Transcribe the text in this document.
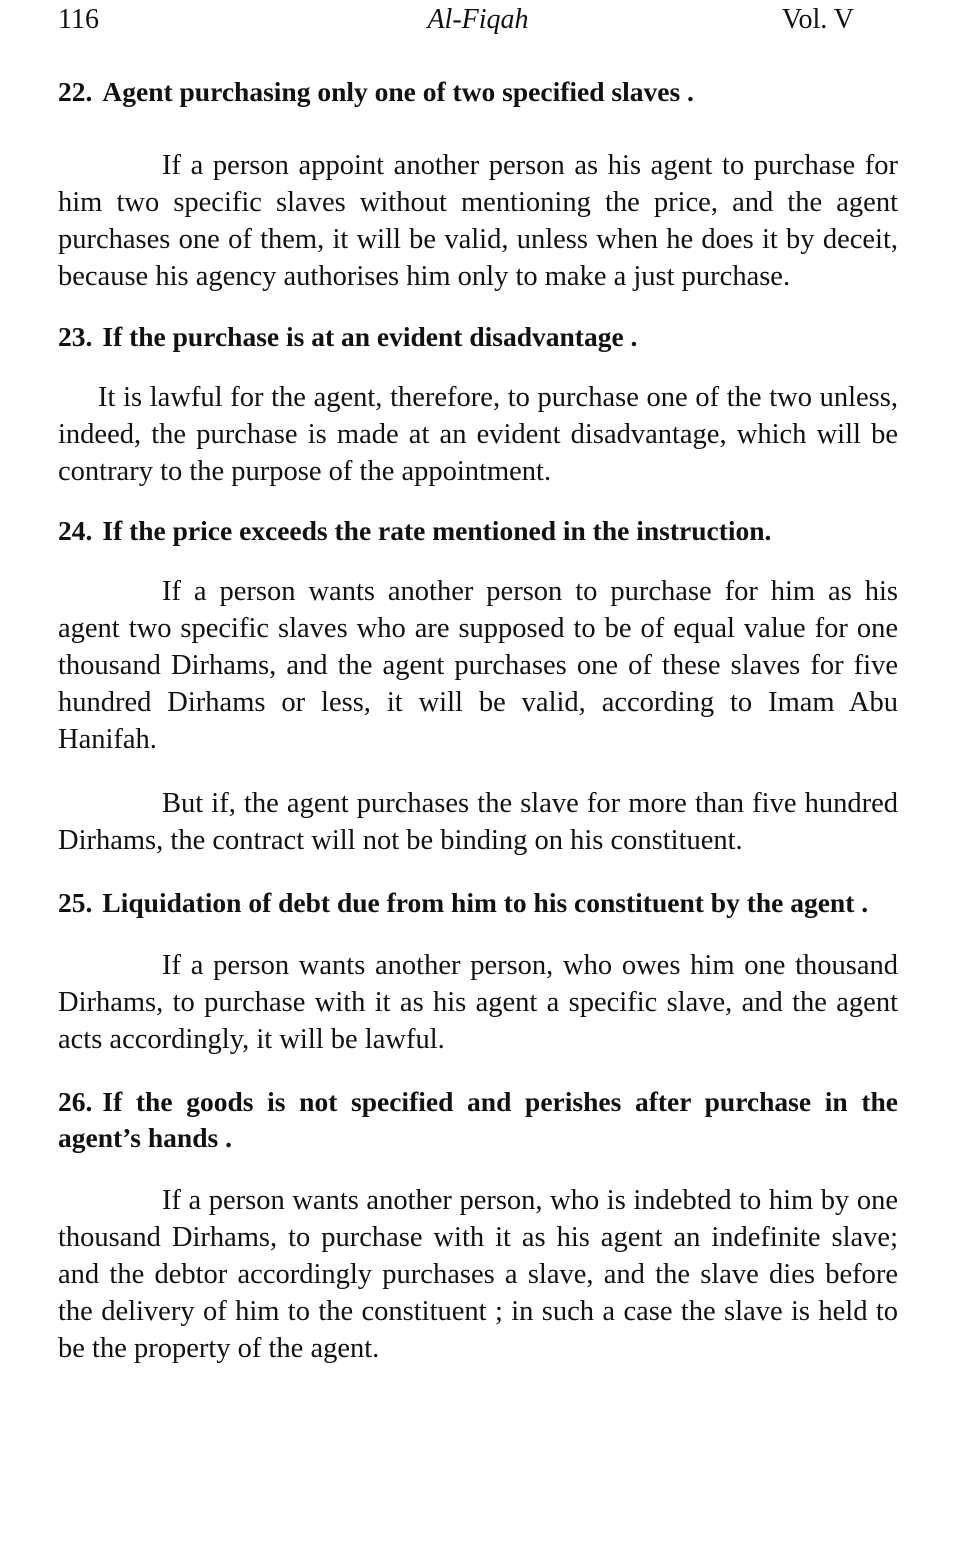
116	Al-Fiqah	Vol. V
22. Agent purchasing only one of two specified slaves .

If a person appoint another person as his agent to purchase for him two specific slaves without mentioning the price, and the agent purchases one of them, it will be valid, unless when he does it by deceit, because his agency authorises him only to make a just purchase.

23. If the purchase is at an evident disadvantage .

It is lawful for the agent, therefore, to purchase one of the two unless, indeed, the purchase is made at an evident disadvantage, which will be contrary to the purpose of the appointment.

24. If the price exceeds the rate mentioned in the instruction.

If a person wants another person to purchase for him as his agent two specific slaves who are supposed to be of equal value for one thousand Dirhams, and the agent purchases one of these slaves for five hundred Dirhams or less, it will be valid, according to Imam Abu Hanifah.

But if, the agent purchases the slave for more than five hundred Dirhams, the contract will not be binding on his constituent.

25. Liquidation of debt due from him to his constituent by the agent .

If a person wants another person, who owes him one thousand Dirhams, to purchase with it as his agent a specific slave, and the agent acts accordingly, it will be lawful.

26. If the goods is not specified and perishes after purchase in the agent’s hands .

If a person wants another person, who is indebted to him by one thousand Dirhams, to purchase with it as his agent an indefinite slave; and the debtor accordingly purchases a slave, and the slave dies before the delivery of him to the constituent ; in such a case the slave is held to be the property of the agent.
